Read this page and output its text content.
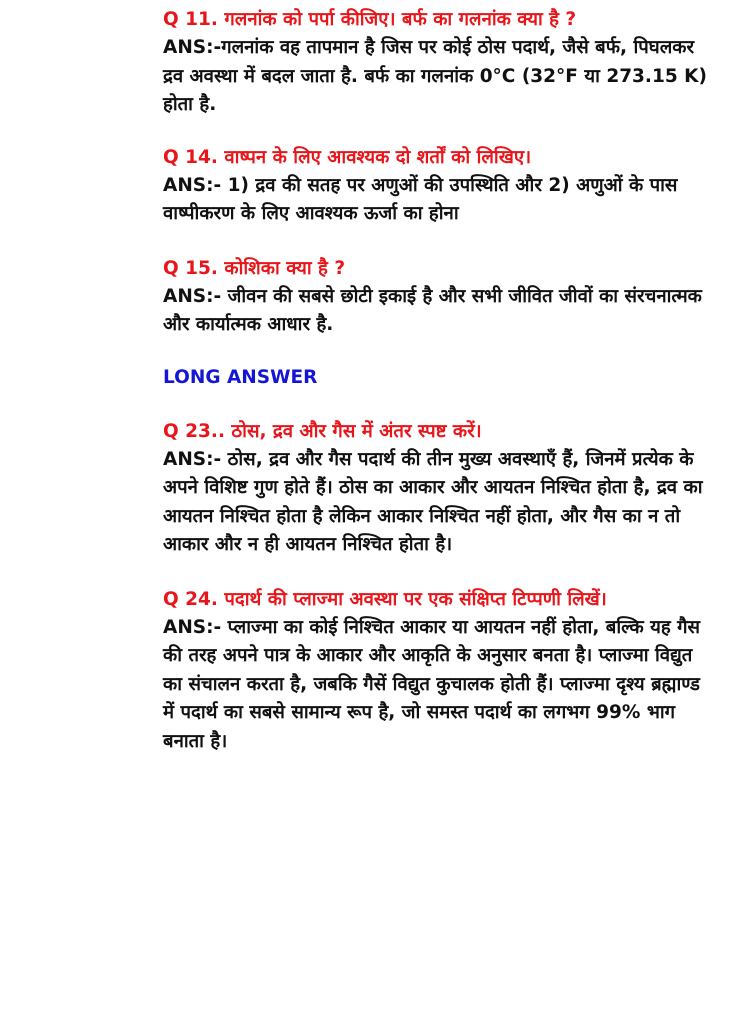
Q 11. गलनांक को पर्पा कीजिए। बर्फ का गलनांक क्या है ?

ANS:-गलनांक वह तापमान है जिस पर कोई ठोस पदार्थ, जैसे बर्फ, पिघलकर द्रव अवस्था में बदल जाता है. बर्फ का गलनांक 0°C (32°F या 273.15 K) होता है.

Q 14. वाष्पन के लिए आवश्यक दो शर्तों को लिखिए।

ANS:- 1) द्रव की सतह पर अणुओं की उपस्थिति और 2) अणुओं के पास वाष्पीकरण के लिए आवश्यक ऊर्जा का होना

Q 15. कोशिका क्या है ?

ANS:- जीवन की सबसे छोटी इकाई है और सभी जीवित जीवों का संरचनात्मक और कार्यात्मक आधार है.

LONG ANSWER

Q 23.. ठोस, द्रव और गैस में अंतर स्पष्ट करें।

ANS:- ठोस, द्रव और गैस पदार्थ की तीन मुख्य अवस्थाएँ हैं, जिनमें प्रत्येक के अपने विशिष्ट गुण होते हैं। ठोस का आकार और आयतन निश्चित होता है, द्रव का आयतन निश्चित होता है लेकिन आकार निश्चित नहीं होता, और गैस का न तो आकार और न ही आयतन निश्चित होता है।

Q 24. पदार्थ की प्लाज्मा अवस्था पर एक संक्षिप्त टिप्पणी लिखें।

ANS:- प्लाज्मा का कोई निश्चित आकार या आयतन नहीं होता, बल्कि यह गैस की तरह अपने पात्र के आकार और आकृति के अनुसार बनता है। प्लाज्मा विद्युत का संचालन करता है, जबकि गैसें विद्युत कुचालक होती हैं। प्लाज्मा दृश्य ब्रह्माण्ड में पदार्थ का सबसे सामान्य रूप है, जो समस्त पदार्थ का लगभग 99% भाग बनाता है।
